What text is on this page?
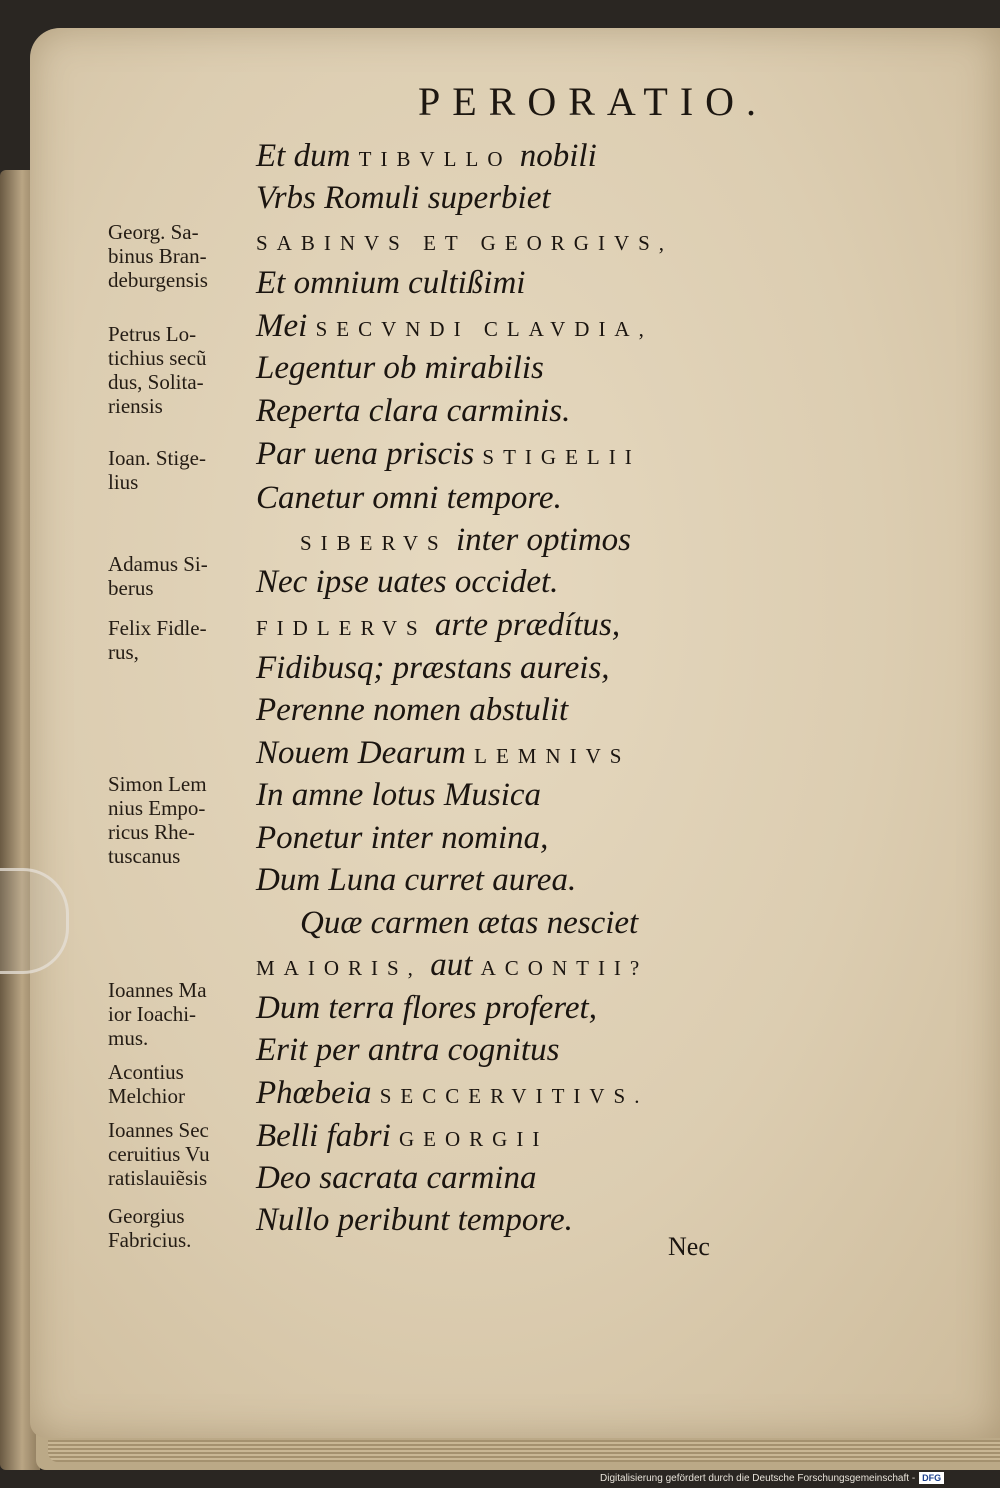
PERORATIO.
Et dum TIBVLLO nobili
Vrbs Romuli superbiet
SABINVS ET GEORGIVS,
Et omnium cultißimi
Mei SECVNDI CLAVDIA,
Legentur ob mirabilis
Reperta clara carminis.
Par uena priscis STIGELII
Canetur omni tempore.
SIBERVS inter optimos
Nec ipse uates occidet.
FIDLERVS arte prædítus,
Fidibusq; præstans aureis,
Perenne nomen abstulit
Nouem Dearum LEMNIVS
In amne lotus Musica
Ponetur inter nomina,
Dum Luna curret aurea.
Quæ carmen ætas nesciet
MAIORIS, aut ACONTII?
Dum terra flores proferet,
Erit per antra cognitus
Phœbeia SECCERVITIVS.
Belli fabri GEORGII
Deo sacrata carmina
Nullo peribunt tempore.
Georg. Sa-
binus Bran-
deburgensis
Petrus Lo-
tichius secũ
dus, Solita-
riensis
Ioan. Stige-
lius
Adamus Si-
berus
Felix Fidle-
rus,
Simon Lem
nius Empo-
ricus Rhe-
tuscanus
Ioannes Ma
ior Ioachi-
mus.
Acontius
Melchior
Ioannes Sec
ceruitius Vu
ratislauiẽsis
Georgius
Fabricius.	Nec
Digitalisierung gefördert durch die Deutsche Forschungsgemeinschaft - DFG
